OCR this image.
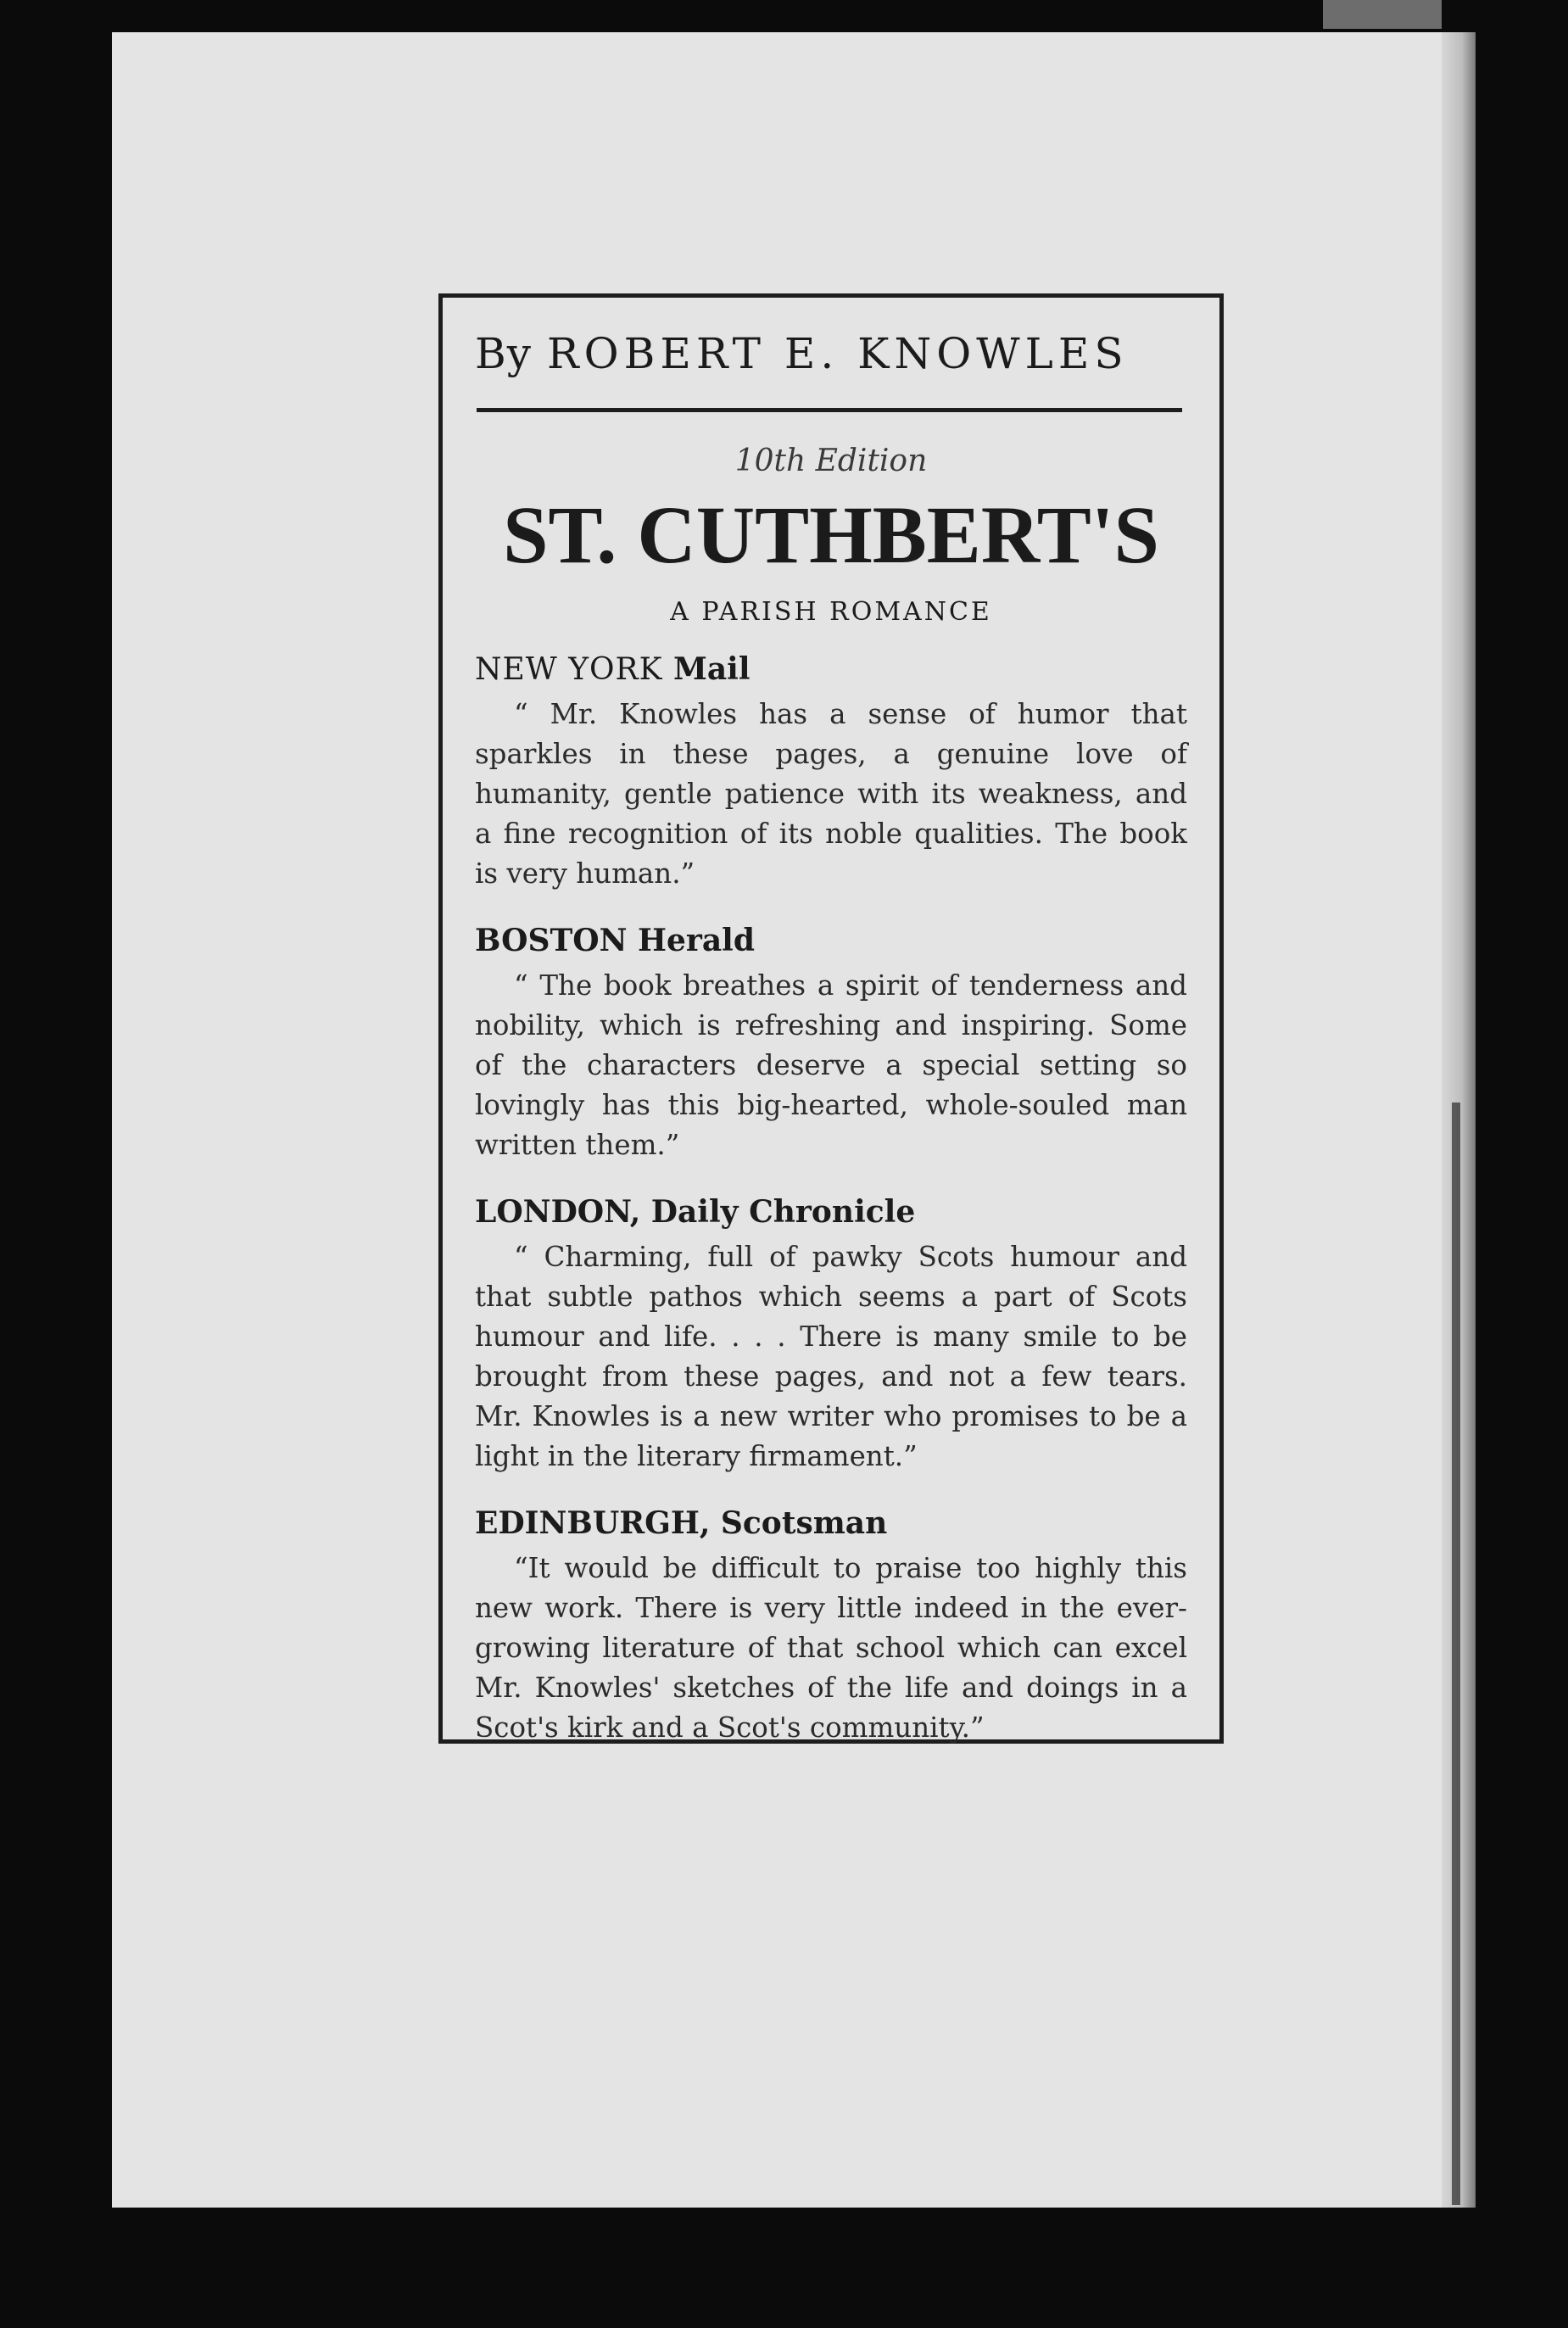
By ROBERT E. KNOWLES

10th Edition
ST. CUTHBERT'S
A PARISH ROMANCE
NEW YORK Mail

“ Mr. Knowles has a sense of humor that sparkles in these pages, a genuine love of humanity, gentle patience with its weakness, and a fine recognition of its noble qualities. The book is very human.”

BOSTON Herald

“ The book breathes a spirit of tenderness and nobility, which is refreshing and inspiring. Some of the characters deserve a special setting so lovingly has this big-hearted, whole-souled man written them.”

LONDON, Daily Chronicle

“ Charming, full of pawky Scots humour and that subtle pathos which seems a part of Scots humour and life. . . . There is many smile to be brought from these pages, and not a few tears. Mr. Knowles is a new writer who promises to be a light in the literary firmament.”

EDINBURGH, Scotsman

“It would be difficult to praise too highly this new work. There is very little indeed in the ever-growing literature of that school which can excel Mr. Knowles' sketches of the life and doings in a Scot's kirk and a Scot's community.”
